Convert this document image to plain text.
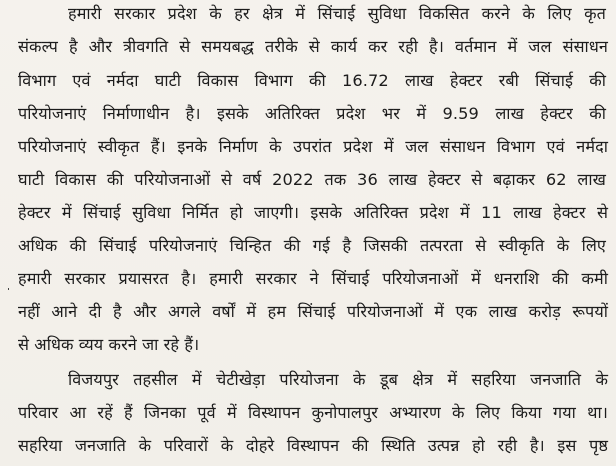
हमारी सरकार प्रदेश के हर क्षेत्र में सिंचाई सुविधा विकसित करने के लिए कृत
संकल्प है और त्रीवगति से समयबद्ध तरीके से कार्य कर रही है। वर्तमान में जल संसाधन
विभाग एवं नर्मदा घाटी विकास विभाग की 16.72 लाख हेक्टर रबी सिंचाई की
परियोजनाएं निर्माणाधीन है। इसके अतिरिक्त प्रदेश भर में 9.59 लाख हेक्टर की
परियोजनाएं स्वीकृत हैं। इनके निर्माण के उपरांत प्रदेश में जल संसाधन विभाग एवं नर्मदा
घाटी विकास की परियोजनाओं से वर्ष 2022 तक 36 लाख हेक्टर से बढ़ाकर 62 लाख
हेक्टर में सिंचाई सुविधा निर्मित हो जाएगी। इसके अतिरिक्त प्रदेश में 11 लाख हेक्टर से
अधिक की सिंचाई परियोजनाएं चिन्हित की गई है जिसकी तत्परता से स्वीकृति के लिए
हमारी सरकार प्रयासरत है। हमारी सरकार ने सिंचाई परियोजनाओं में धनराशि की कमी
नहीं आने दी है और अगले वर्षों में हम सिंचाई परियोजनाओं में एक लाख करोड़ रूपयों
से अधिक व्यय करने जा रहे हैं।
विजयपुर तहसील में चेटीखेड़ा परियोजना के डूब क्षेत्र में सहरिया जनजाति के
परिवार आ रहें हैं जिनका पूर्व में विस्थापन कुनोपालपुर अभ्यारण के लिए किया गया था।
सहरिया जनजाति के परिवारों के दोहरे विस्थापन की स्थिति उत्पन्न हो रही है। इस पृष्ठ
